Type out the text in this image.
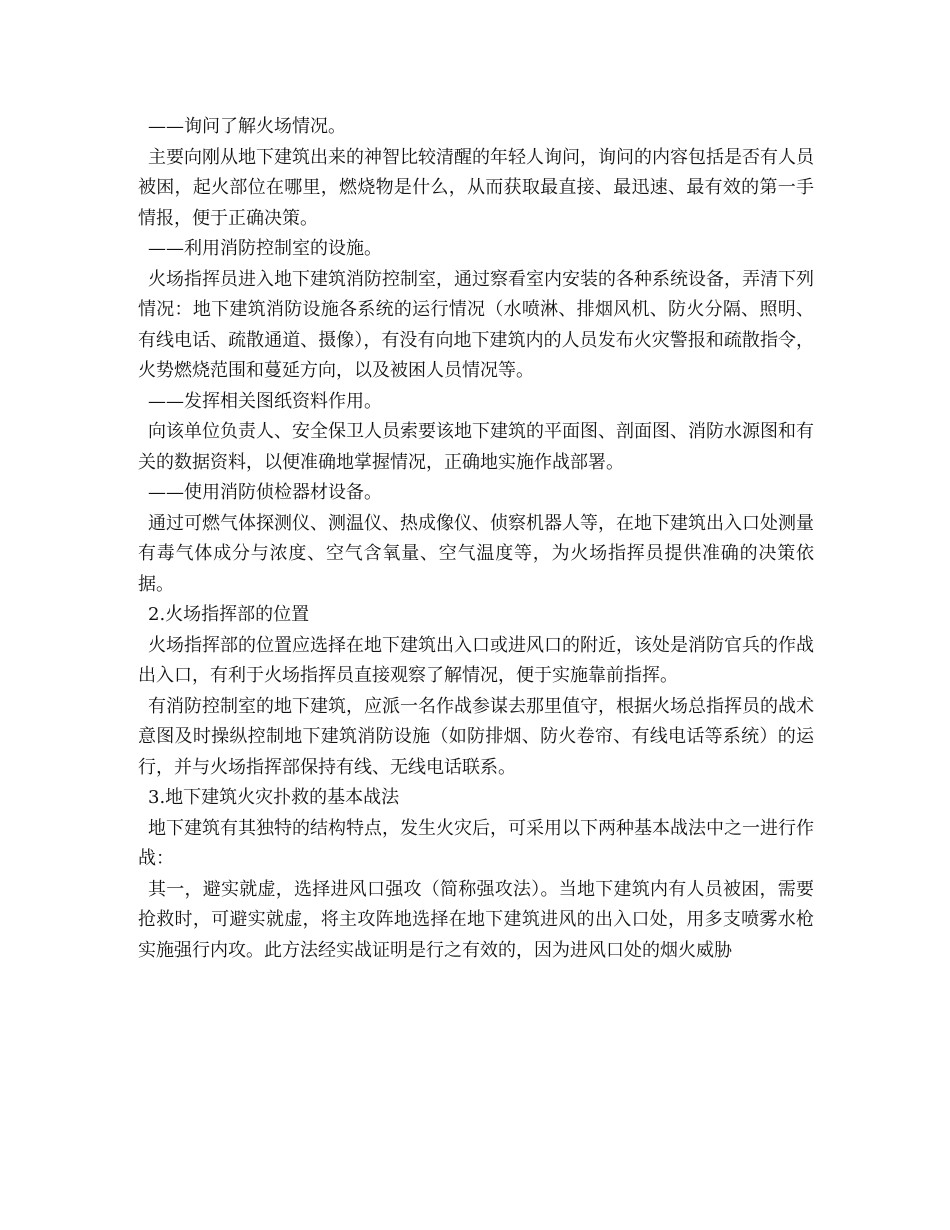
——询问了解火场情况。

主要向刚从地下建筑出来的神智比较清醒的年轻人询问，询问的内容包括是否有人员被困，起火部位在哪里，燃烧物是什么，从而获取最直接、最迅速、最有效的第一手情报，便于正确决策。

——利用消防控制室的设施。

火场指挥员进入地下建筑消防控制室，通过察看室内安装的各种系统设备，弄清下列情况：地下建筑消防设施各系统的运行情况（水喷淋、排烟风机、防火分隔、照明、有线电话、疏散通道、摄像），有没有向地下建筑内的人员发布火灾警报和疏散指令，火势燃烧范围和蔓延方向，以及被困人员情况等。

——发挥相关图纸资料作用。

向该单位负责人、安全保卫人员索要该地下建筑的平面图、剖面图、消防水源图和有关的数据资料，以便准确地掌握情况，正确地实施作战部署。

——使用消防侦检器材设备。

通过可燃气体探测仪、测温仪、热成像仪、侦察机器人等，在地下建筑出入口处测量有毒气体成分与浓度、空气含氧量、空气温度等，为火场指挥员提供准确的决策依据。

2.火场指挥部的位置

火场指挥部的位置应选择在地下建筑出入口或进风口的附近，该处是消防官兵的作战出入口，有利于火场指挥员直接观察了解情况，便于实施靠前指挥。

有消防控制室的地下建筑，应派一名作战参谋去那里值守，根据火场总指挥员的战术意图及时操纵控制地下建筑消防设施（如防排烟、防火卷帘、有线电话等系统）的运行，并与火场指挥部保持有线、无线电话联系。

3.地下建筑火灾扑救的基本战法

地下建筑有其独特的结构特点，发生火灾后，可采用以下两种基本战法中之一进行作战：

其一，避实就虚，选择进风口强攻（简称强攻法）。当地下建筑内有人员被困，需要抢救时，可避实就虚，将主攻阵地选择在地下建筑进风的出入口处，用多支喷雾水枪实施强行内攻。此方法经实战证明是行之有效的，因为进风口处的烟火威胁
